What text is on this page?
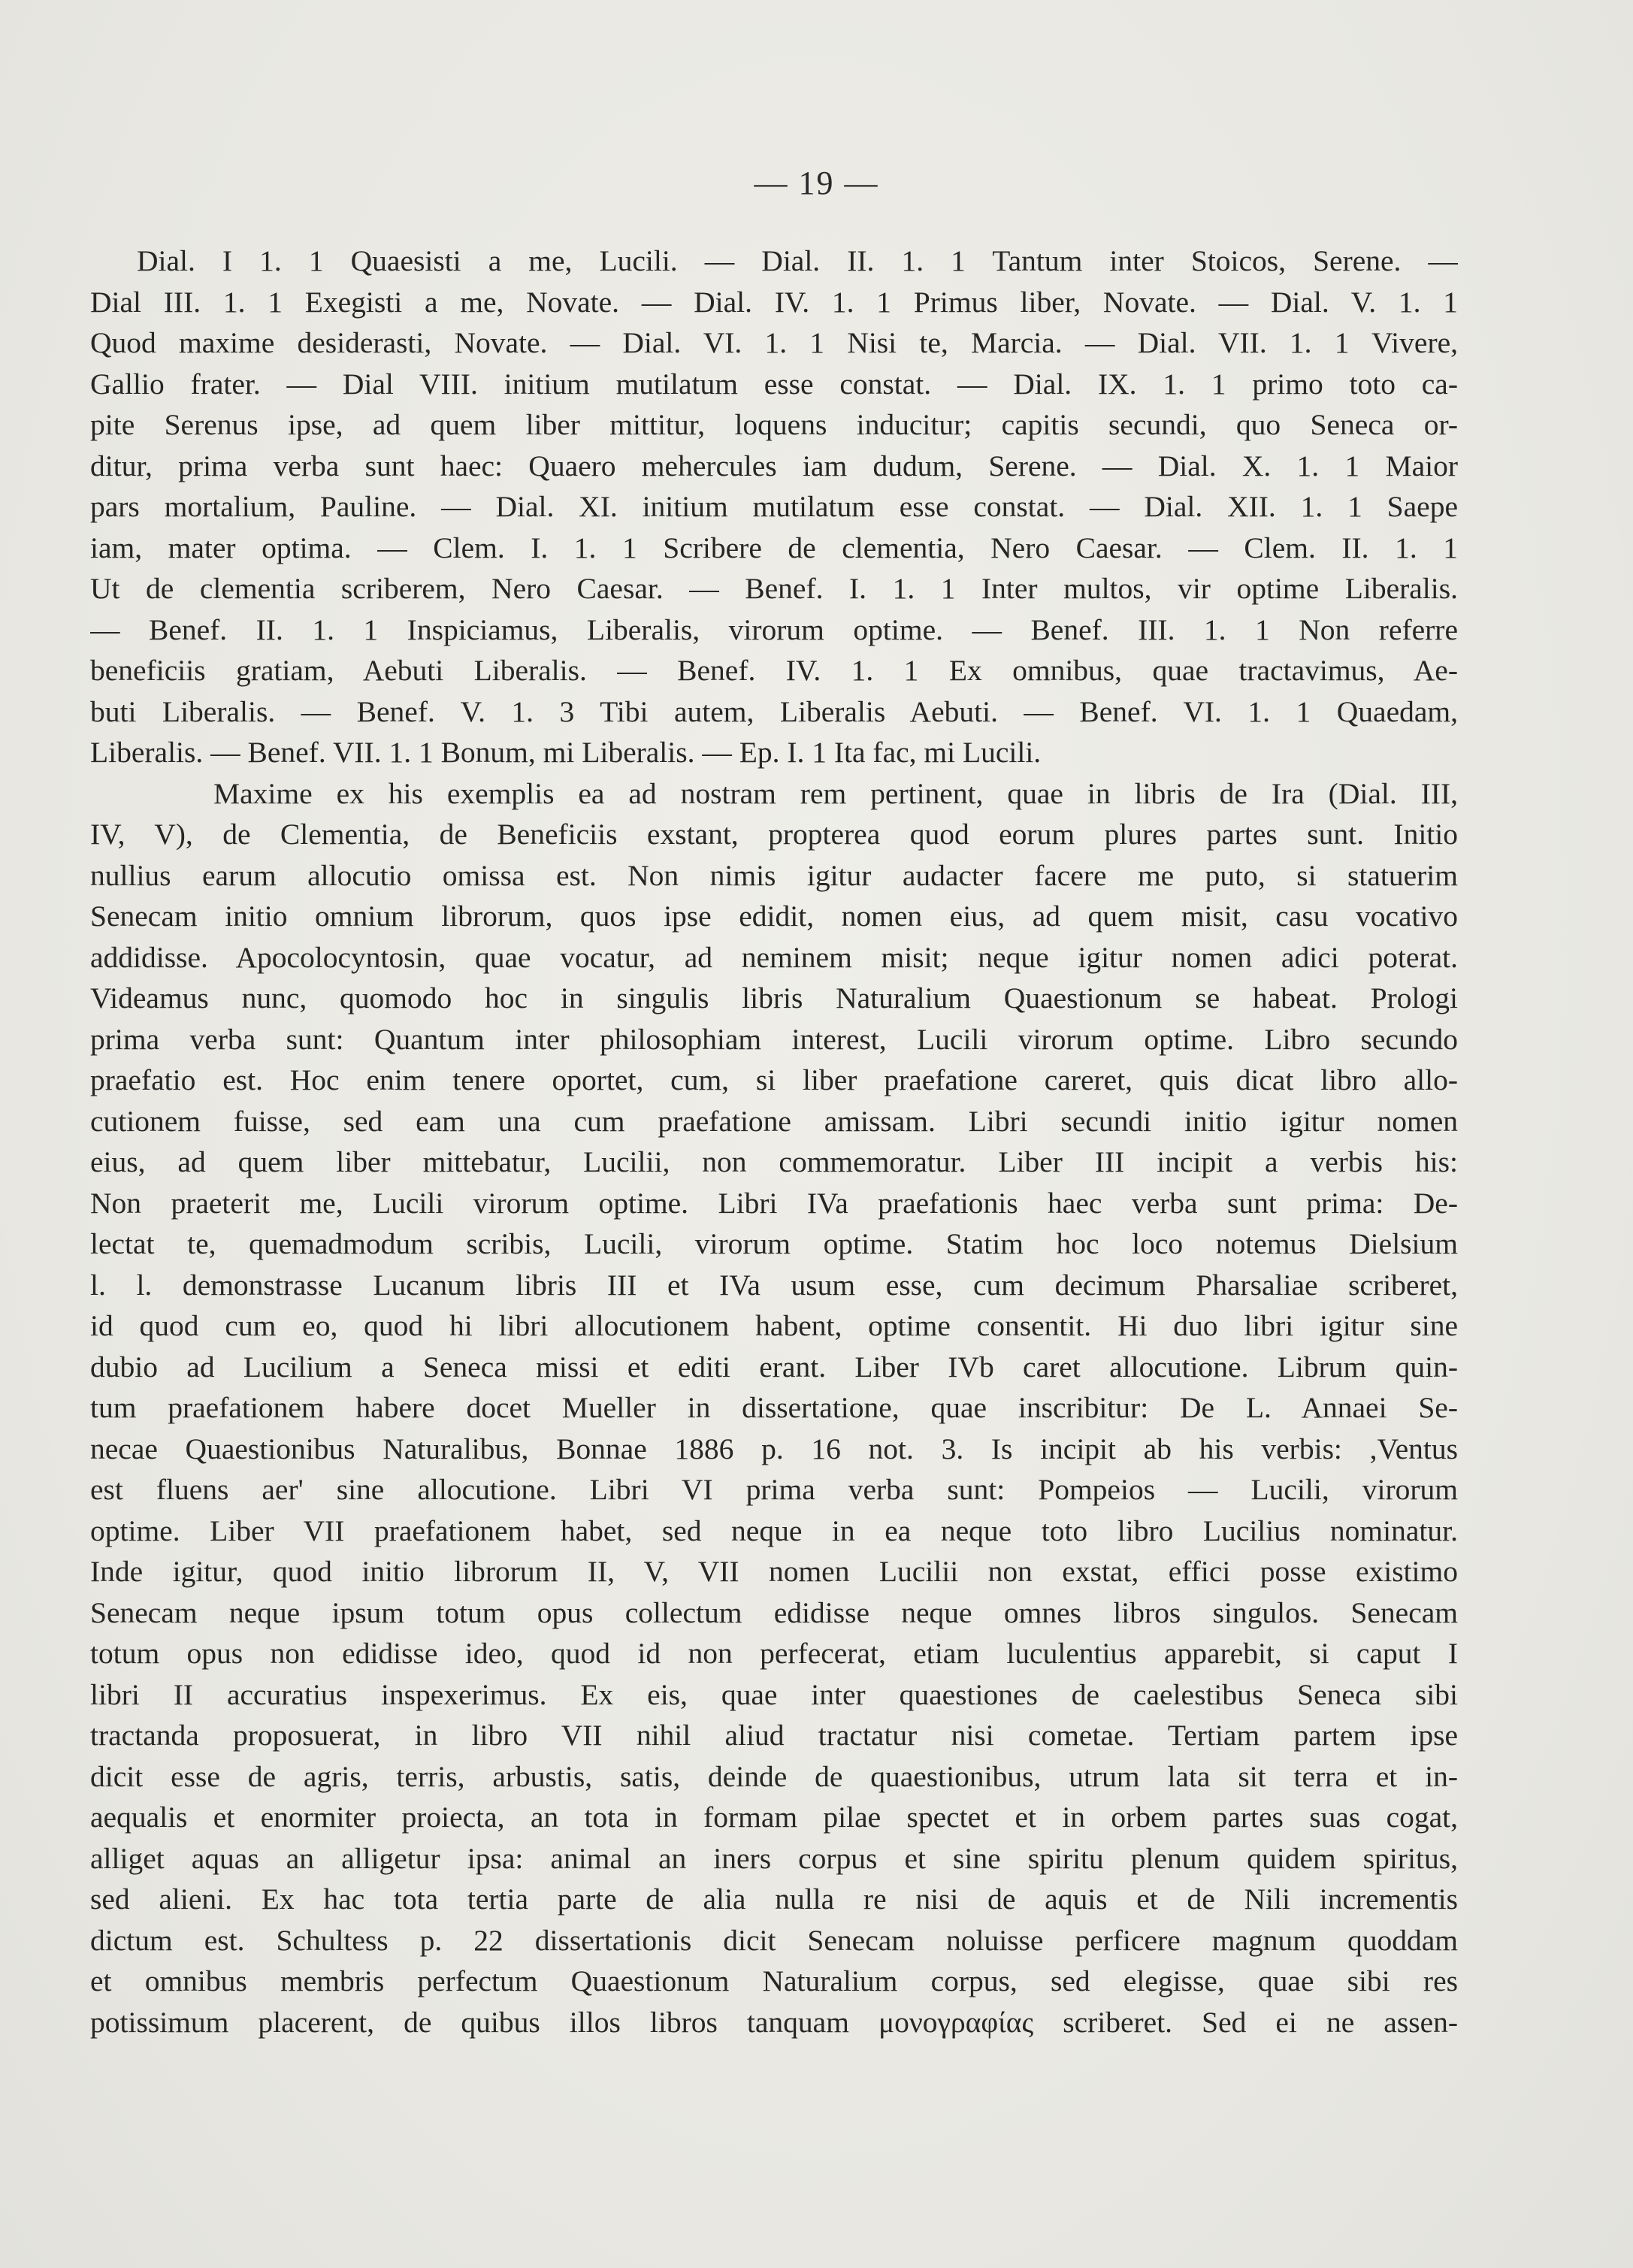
— 19 —
Dial. I 1. 1 Quaesisti a me, Lucili. — Dial. II. 1. 1 Tantum inter Stoicos, Serene. —
Dial III. 1. 1 Exegisti a me, Novate. — Dial. IV. 1. 1 Primus liber, Novate. — Dial. V. 1. 1
Quod maxime desiderasti, Novate. — Dial. VI. 1. 1 Nisi te, Marcia. — Dial. VII. 1. 1 Vivere,
Gallio frater. — Dial VIII. initium mutilatum esse constat. — Dial. IX. 1. 1 primo toto ca-
pite Serenus ipse, ad quem liber mittitur, loquens inducitur; capitis secundi, quo Seneca or-
ditur, prima verba sunt haec: Quaero mehercules iam dudum, Serene. — Dial. X. 1. 1 Maior
pars mortalium, Pauline. — Dial. XI. initium mutilatum esse constat. — Dial. XII. 1. 1 Saepe
iam, mater optima. — Clem. I. 1. 1 Scribere de clementia, Nero Caesar. — Clem. II. 1. 1
Ut de clementia scriberem, Nero Caesar. — Benef. I. 1. 1 Inter multos, vir optime Liberalis.
— Benef. II. 1. 1 Inspiciamus, Liberalis, virorum optime. — Benef. III. 1. 1 Non referre
beneficiis gratiam, Aebuti Liberalis. — Benef. IV. 1. 1 Ex omnibus, quae tractavimus, Ae-
buti Liberalis. — Benef. V. 1. 3 Tibi autem, Liberalis Aebuti. — Benef. VI. 1. 1 Quaedam,
Liberalis. — Benef. VII. 1. 1 Bonum, mi Liberalis. — Ep. I. 1 Ita fac, mi Lucili.
Maxime ex his exemplis ea ad nostram rem pertinent, quae in libris de Ira (Dial. III,
IV, V), de Clementia, de Beneficiis exstant, propterea quod eorum plures partes sunt. Initio
nullius earum allocutio omissa est. Non nimis igitur audacter facere me puto, si statuerim
Senecam initio omnium librorum, quos ipse edidit, nomen eius, ad quem misit, casu vocativo
addidisse. Apocolocyntosin, quae vocatur, ad neminem misit; neque igitur nomen adici poterat.
Videamus nunc, quomodo hoc in singulis libris Naturalium Quaestionum se habeat. Prologi
prima verba sunt: Quantum inter philosophiam interest, Lucili virorum optime. Libro secundo
praefatio est. Hoc enim tenere oportet, cum, si liber praefatione careret, quis dicat libro allo-
cutionem fuisse, sed eam una cum praefatione amissam. Libri secundi initio igitur nomen
eius, ad quem liber mittebatur, Lucilii, non commemoratur. Liber III incipit a verbis his:
Non praeterit me, Lucili virorum optime. Libri IVa praefationis haec verba sunt prima: De-
lectat te, quemadmodum scribis, Lucili, virorum optime. Statim hoc loco notemus Dielsium
l. l. demonstrasse Lucanum libris III et IVa usum esse, cum decimum Pharsaliae scriberet,
id quod cum eo, quod hi libri allocutionem habent, optime consentit. Hi duo libri igitur sine
dubio ad Lucilium a Seneca missi et editi erant. Liber IVb caret allocutione. Librum quin-
tum praefationem habere docet Mueller in dissertatione, quae inscribitur: De L. Annaei Se-
necae Quaestionibus Naturalibus, Bonnae 1886 p. 16 not. 3. Is incipit ab his verbis: ,Ventus
est fluens aer' sine allocutione. Libri VI prima verba sunt: Pompeios — Lucili, virorum
optime. Liber VII praefationem habet, sed neque in ea neque toto libro Lucilius nominatur.
Inde igitur, quod initio librorum II, V, VII nomen Lucilii non exstat, effici posse existimo
Senecam neque ipsum totum opus collectum edidisse neque omnes libros singulos. Senecam
totum opus non edidisse ideo, quod id non perfecerat, etiam luculentius apparebit, si caput I
libri II accuratius inspexerimus. Ex eis, quae inter quaestiones de caelestibus Seneca sibi
tractanda proposuerat, in libro VII nihil aliud tractatur nisi cometae. Tertiam partem ipse
dicit esse de agris, terris, arbustis, satis, deinde de quaestionibus, utrum lata sit terra et in-
aequalis et enormiter proiecta, an tota in formam pilae spectet et in orbem partes suas cogat,
alliget aquas an alligetur ipsa: animal an iners corpus et sine spiritu plenum quidem spiritus,
sed alieni. Ex hac tota tertia parte de alia nulla re nisi de aquis et de Nili incrementis
dictum est. Schultess p. 22 dissertationis dicit Senecam noluisse perficere magnum quoddam
et omnibus membris perfectum Quaestionum Naturalium corpus, sed elegisse, quae sibi res
potissimum placerent, de quibus illos libros tanquam μονογραφίας scriberet. Sed ei ne assen-
